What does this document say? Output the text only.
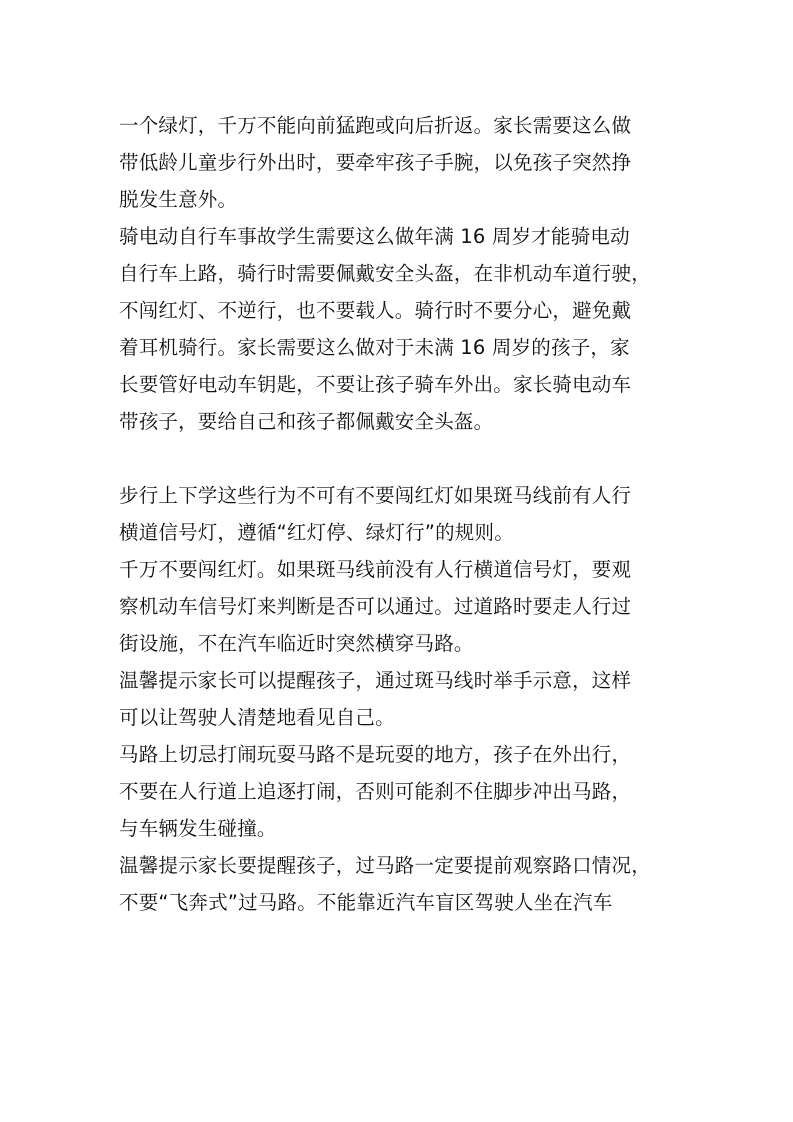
一个绿灯，千万不能向前猛跑或向后折返。家长需要这么做
带低龄儿童步行外出时，要牵牢孩子手腕，以免孩子突然挣
脱发生意外。
骑电动自行车事故学生需要这么做年满 16 周岁才能骑电动
自行车上路，骑行时需要佩戴安全头盔，在非机动车道行驶，
不闯红灯、不逆行，也不要载人。骑行时不要分心，避免戴
着耳机骑行。家长需要这么做对于未满 16 周岁的孩子，家
长要管好电动车钥匙，不要让孩子骑车外出。家长骑电动车
带孩子，要给自己和孩子都佩戴安全头盔。
步行上下学这些行为不可有不要闯红灯如果斑马线前有人行
横道信号灯，遵循“红灯停、绿灯行”的规则。
千万不要闯红灯。如果斑马线前没有人行横道信号灯，要观
察机动车信号灯来判断是否可以通过。过道路时要走人行过
街设施，不在汽车临近时突然横穿马路。
温馨提示家长可以提醒孩子，通过斑马线时举手示意，这样
可以让驾驶人清楚地看见自己。
马路上切忌打闹玩耍马路不是玩耍的地方，孩子在外出行，
不要在人行道上追逐打闹，否则可能刹不住脚步冲出马路，
与车辆发生碰撞。
温馨提示家长要提醒孩子，过马路一定要提前观察路口情况，
不要“飞奔式”过马路。不能靠近汽车盲区驾驶人坐在汽车
